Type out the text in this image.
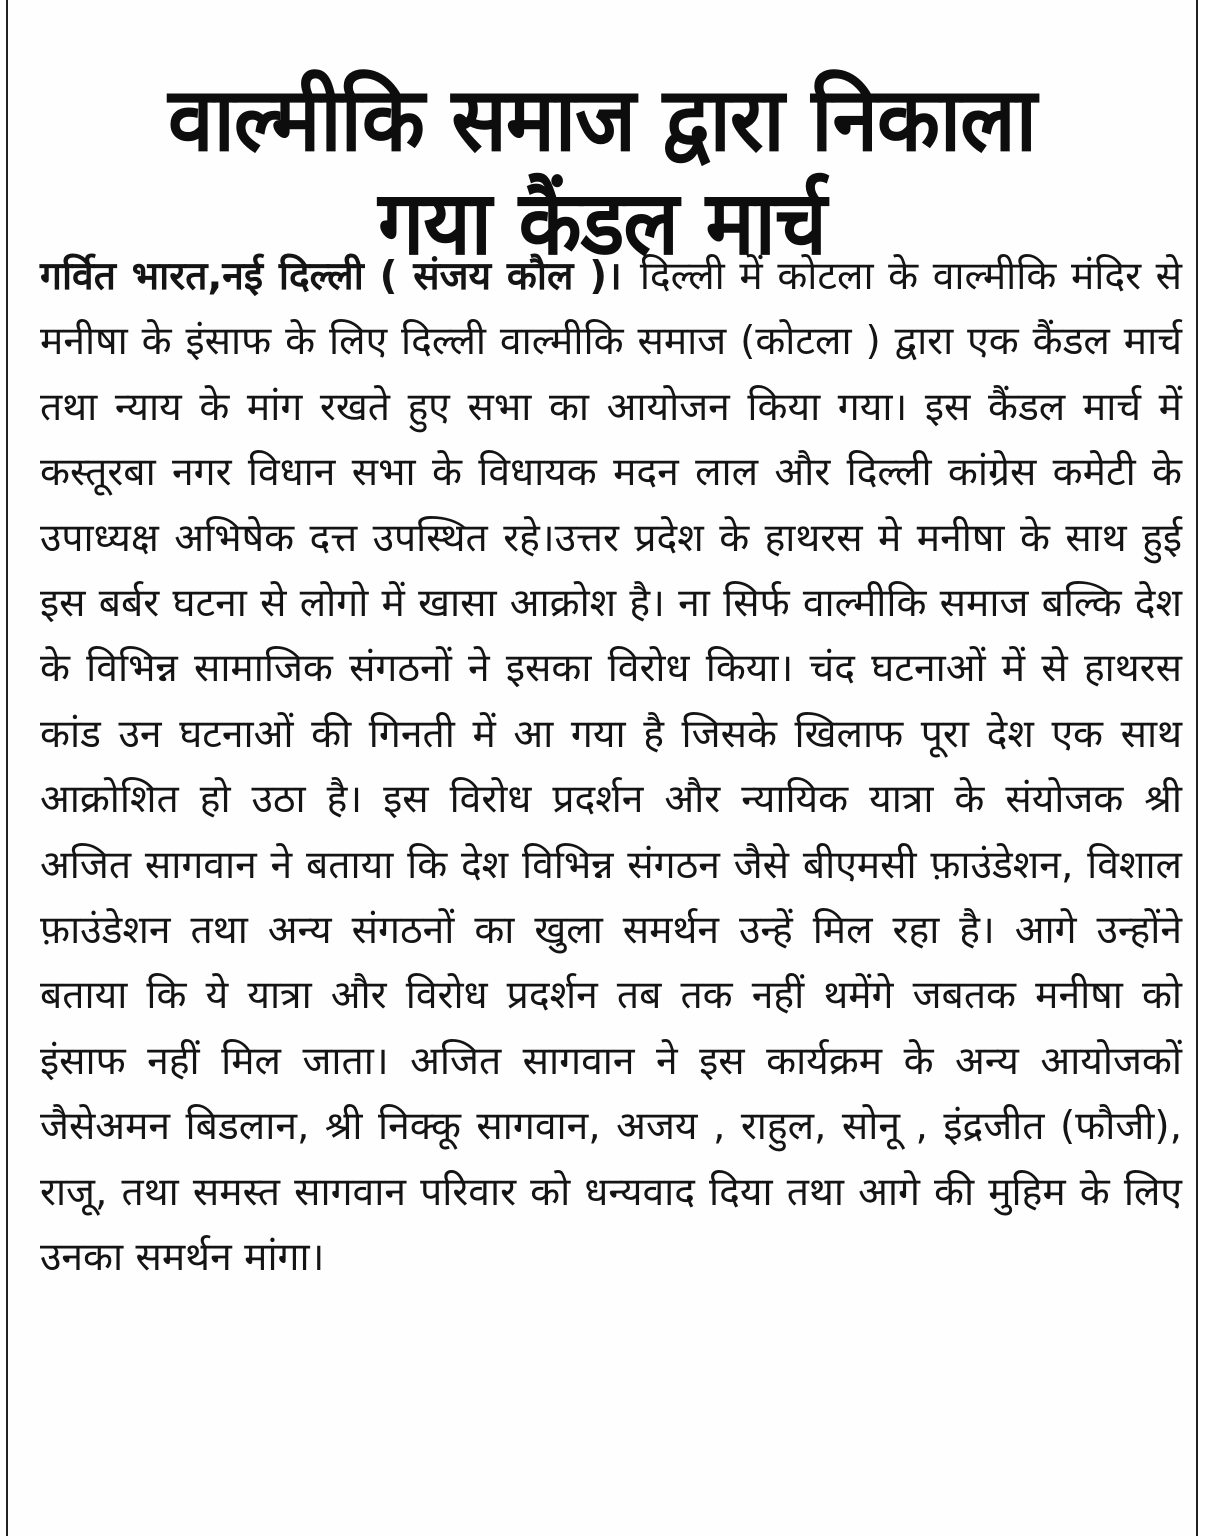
वाल्मीकि समाज द्वारा निकाला
गया कैंडल मार्च

गर्वित भारत,नई दिल्ली ( संजय कौल )। दिल्ली में कोटला के वाल्मीकि मंदिर से मनीषा के इंसाफ के लिए दिल्ली वाल्मीकि समाज (कोटला ) द्वारा एक कैंडल मार्च तथा न्याय के मांग रखते हुए सभा का आयोजन किया गया। इस कैंडल मार्च में कस्तूरबा नगर विधान सभा के विधायक मदन लाल और दिल्ली कांग्रेस कमेटी के उपाध्यक्ष अभिषेक दत्त उपस्थित रहे।उत्तर प्रदेश के हाथरस मे मनीषा के साथ हुई इस बर्बर घटना से लोगो में खासा आक्रोश है। ना सिर्फ वाल्मीकि समाज बल्कि देश के विभिन्न सामाजिक संगठनों ने इसका विरोध किया। चंद घटनाओं में से हाथरस कांड उन घटनाओं की गिनती में आ गया है जिसके खिलाफ पूरा देश एक साथ आक्रोशित हो उठा है। इस विरोध प्रदर्शन और न्यायिक यात्रा के संयोजक श्री अजित सागवान ने बताया कि देश विभिन्न संगठन जैसे बीएमसी फ़ाउंडेशन, विशाल फ़ाउंडेशन तथा अन्य संगठनों का खुला समर्थन उन्हें मिल रहा है। आगे उन्होंने बताया कि ये यात्रा और विरोध प्रदर्शन तब तक नहीं थमेंगे जबतक मनीषा को इंसाफ नहीं मिल जाता। अजित सागवान ने इस कार्यक्रम के अन्य आयोजकों जैसेअमन बिडलान, श्री निक्कू सागवान, अजय , राहुल, सोनू , इंद्रजीत (फौजी), राजू, तथा समस्त सागवान परिवार को धन्यवाद दिया तथा आगे की मुहिम के लिए उनका समर्थन मांगा।
